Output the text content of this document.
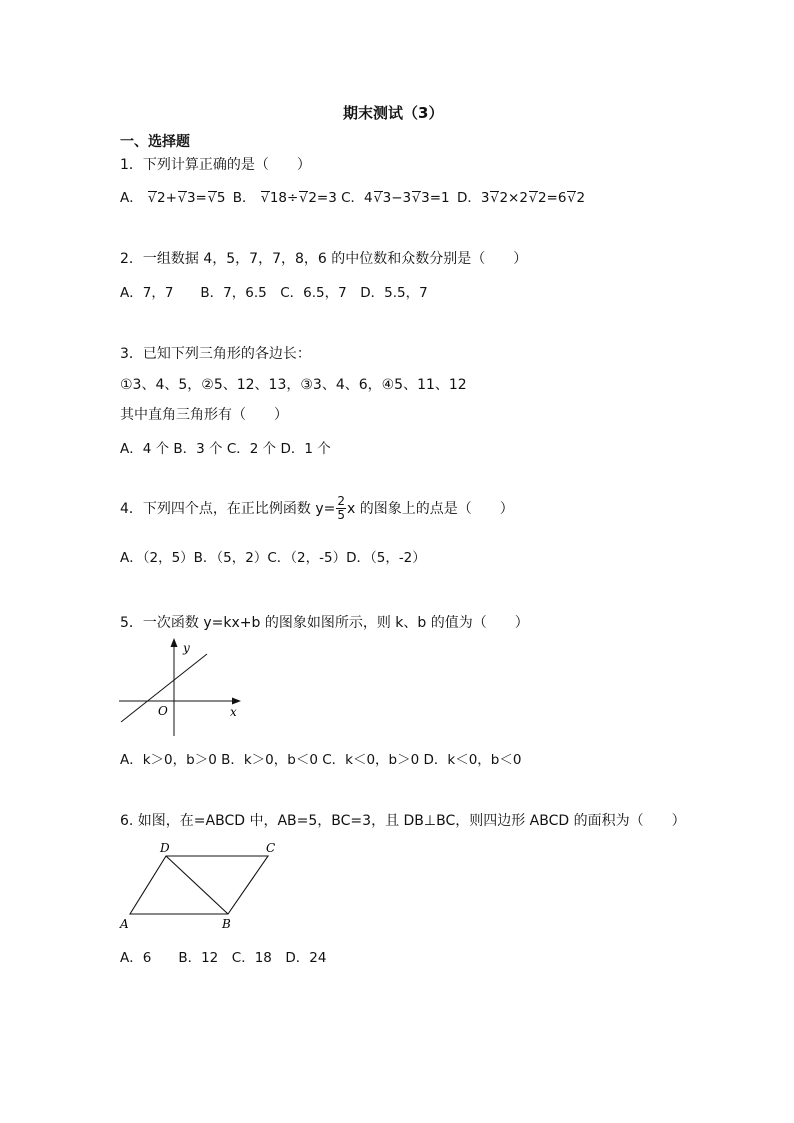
期末测试（3）
一、选择题
1．下列计算正确的是（　　）
A． √ 2+ √ 3= √ 5 B． √ 18÷ √ 2=3 C．4 √ 3−3 √ 3=1 D．3 √ 2×2 √ 2=6 √ 2
2．一组数据 4，5，7，7，8，6 的中位数和众数分别是（　　）
A．7，7　　B．7，6.5　C．6.5，7　D．5.5，7
3．已知下列三角形的各边长：
①3、4、5，②5、12、13，③3、4、6，④5、11、12
其中直角三角形有（　　）
A．4 个 B．3 个 C．2 个 D．1 个
4．下列四个点，在正比例函数 $y= \frac{2}{5}$ x 的图象上的点是（　　）
A．（2，5）B．（5，2）C．（2，-5）D．（5，-2）
5．一次函数 y=kx+b 的图象如图所示，则 k、b 的值为（　　）
y
x
O
A．k＞0，b＞0 B．k＞0，b＜0 C．k＜0，b＞0 D．k＜0，b＜0
6. 如图，在=ABCD 中，AB=5，BC=3，且 DB⊥BC，则四边形 ABCD 的面积为（　　）
A	B
C
D
A．6　　B．12　C．18　D．24
